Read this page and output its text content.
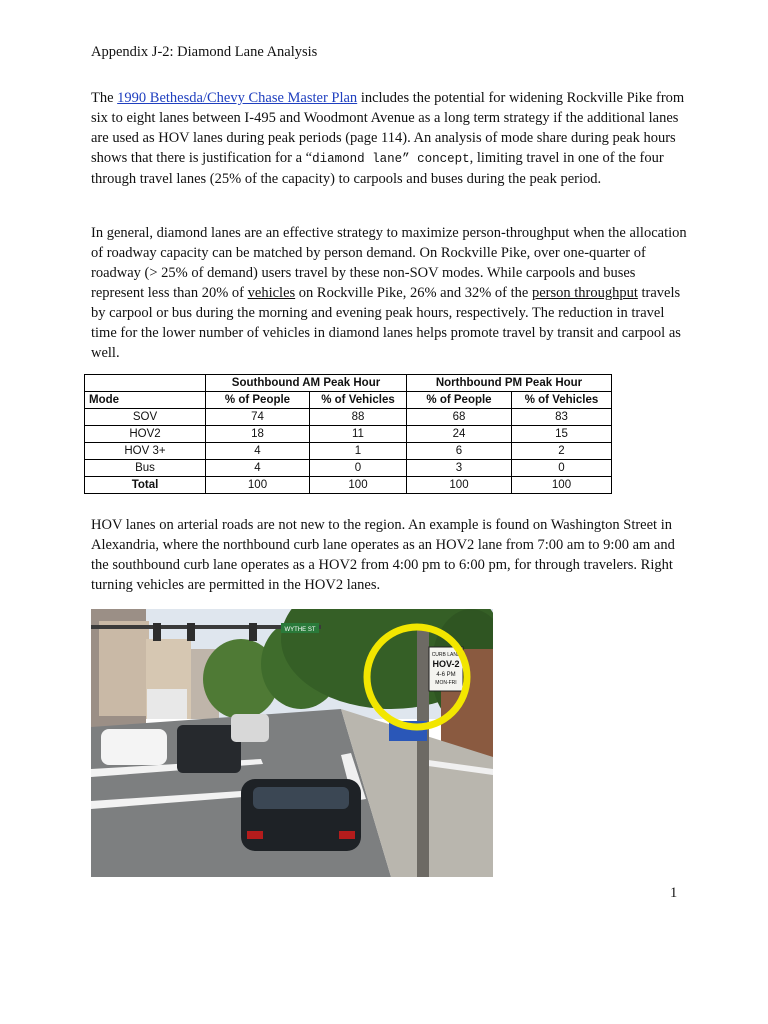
Appendix J-2: Diamond Lane Analysis

The 1990 Bethesda/Chevy Chase Master Plan includes the potential for widening Rockville Pike from six to eight lanes between I-495 and Woodmont Avenue as a long term strategy if the additional lanes are used as HOV lanes during peak periods (page 114). An analysis of mode share during peak hours shows that there is justification for a “diamond lane” concept, limiting travel in one of the four through travel lanes (25% of the capacity) to carpools and buses during the peak period.

In general, diamond lanes are an effective strategy to maximize person-throughput when the allocation of roadway capacity can be matched by person demand. On Rockville Pike, over one-quarter of roadway (> 25% of demand) users travel by these non-SOV modes. While carpools and buses represent less than 20% of vehicles on Rockville Pike, 26% and 32% of the person throughput travels by carpool or bus during the morning and evening peak hours, respectively. The reduction in travel time for the lower number of vehicles in diamond lanes helps promote travel by transit and carpool as well.

	Southbound AM Peak Hour		Northbound PM Peak Hour	
Mode	% of People	% of Vehicles	% of People	% of Vehicles
SOV	74	88	68	83
HOV2	18	11	24	15
HOV 3+	4	1	6	2
Bus	4	0	3	0
Total	100	100	100	100

HOV lanes on arterial roads are not new to the region. An example is found on Washington Street in Alexandria, where the northbound curb lane operates as an HOV2 lane from 7:00 am to 9:00 am and the southbound curb lane operates as a HOV2 from 4:00 pm to 6:00 pm, for through travelers. Right turning vehicles are permitted in the HOV2 lanes.

WYTHE ST
CURB LANE
HOV-2
4-6 PM
MON-FRI
1
